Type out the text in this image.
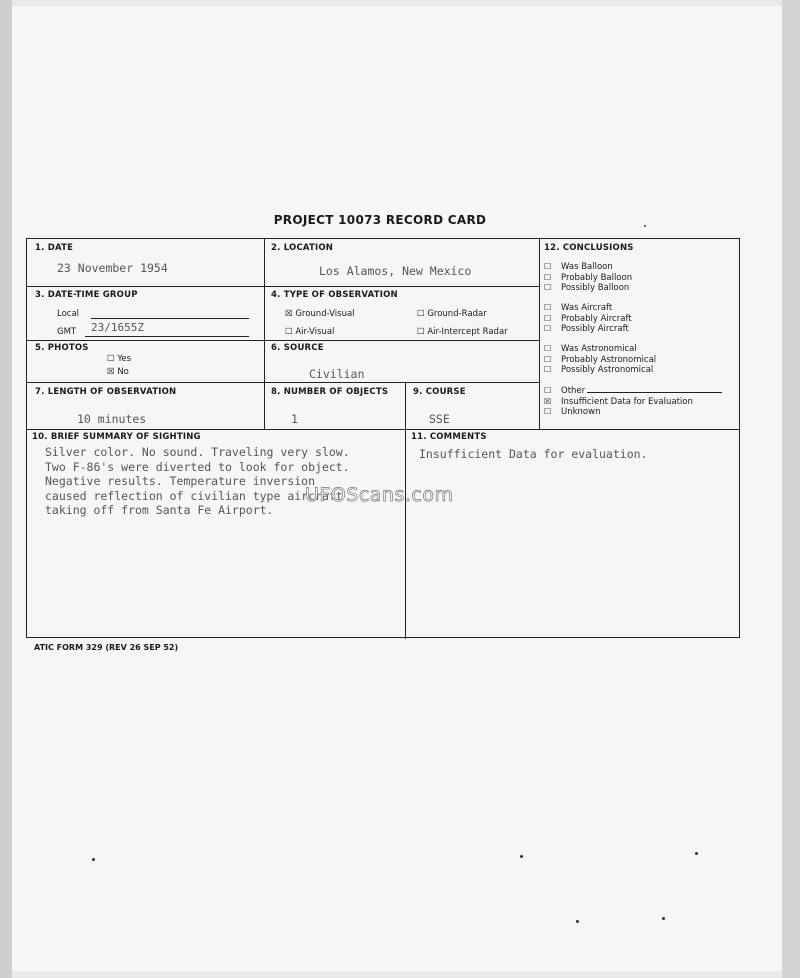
PROJECT 10073 RECORD CARD
1. DATE
23 November 1954
2. LOCATION
Los Alamos, New Mexico
3. DATE-TIME GROUP
Local
GMT 23/1655Z
4. TYPE OF OBSERVATION
☒ Ground-Visual	☐ Ground-Radar
☐ Air-Visual	☐ Air-Intercept Radar
5. PHOTOS
☐ Yes
☒ No
6. SOURCE
Civilian
7. LENGTH OF OBSERVATION
10 minutes
8. NUMBER OF OBJECTS
1
9. COURSE
SSE
12. CONCLUSIONS
☐ Was Balloon
☐ Probably Balloon
☐ Possibly Balloon
☐ Was Aircraft
☐ Probably Aircraft
☐ Possibly Aircraft
☐ Was Astronomical
☐ Probably Astronomical
☐ Possibly Astronomical
☐ Other
☒ Insufficient Data for Evaluation
☐ Unknown
10. BRIEF SUMMARY OF SIGHTING
Silver color. No sound. Traveling very slow.
Two F-86's were diverted to look for object.
Negative results. Temperature inversion
caused reflection of civilian type aircraft
taking off from Santa Fe Airport.
11. COMMENTS
Insufficient Data for evaluation.
ATIC FORM 329 (REV 26 SEP 52)
UFOScans.com
